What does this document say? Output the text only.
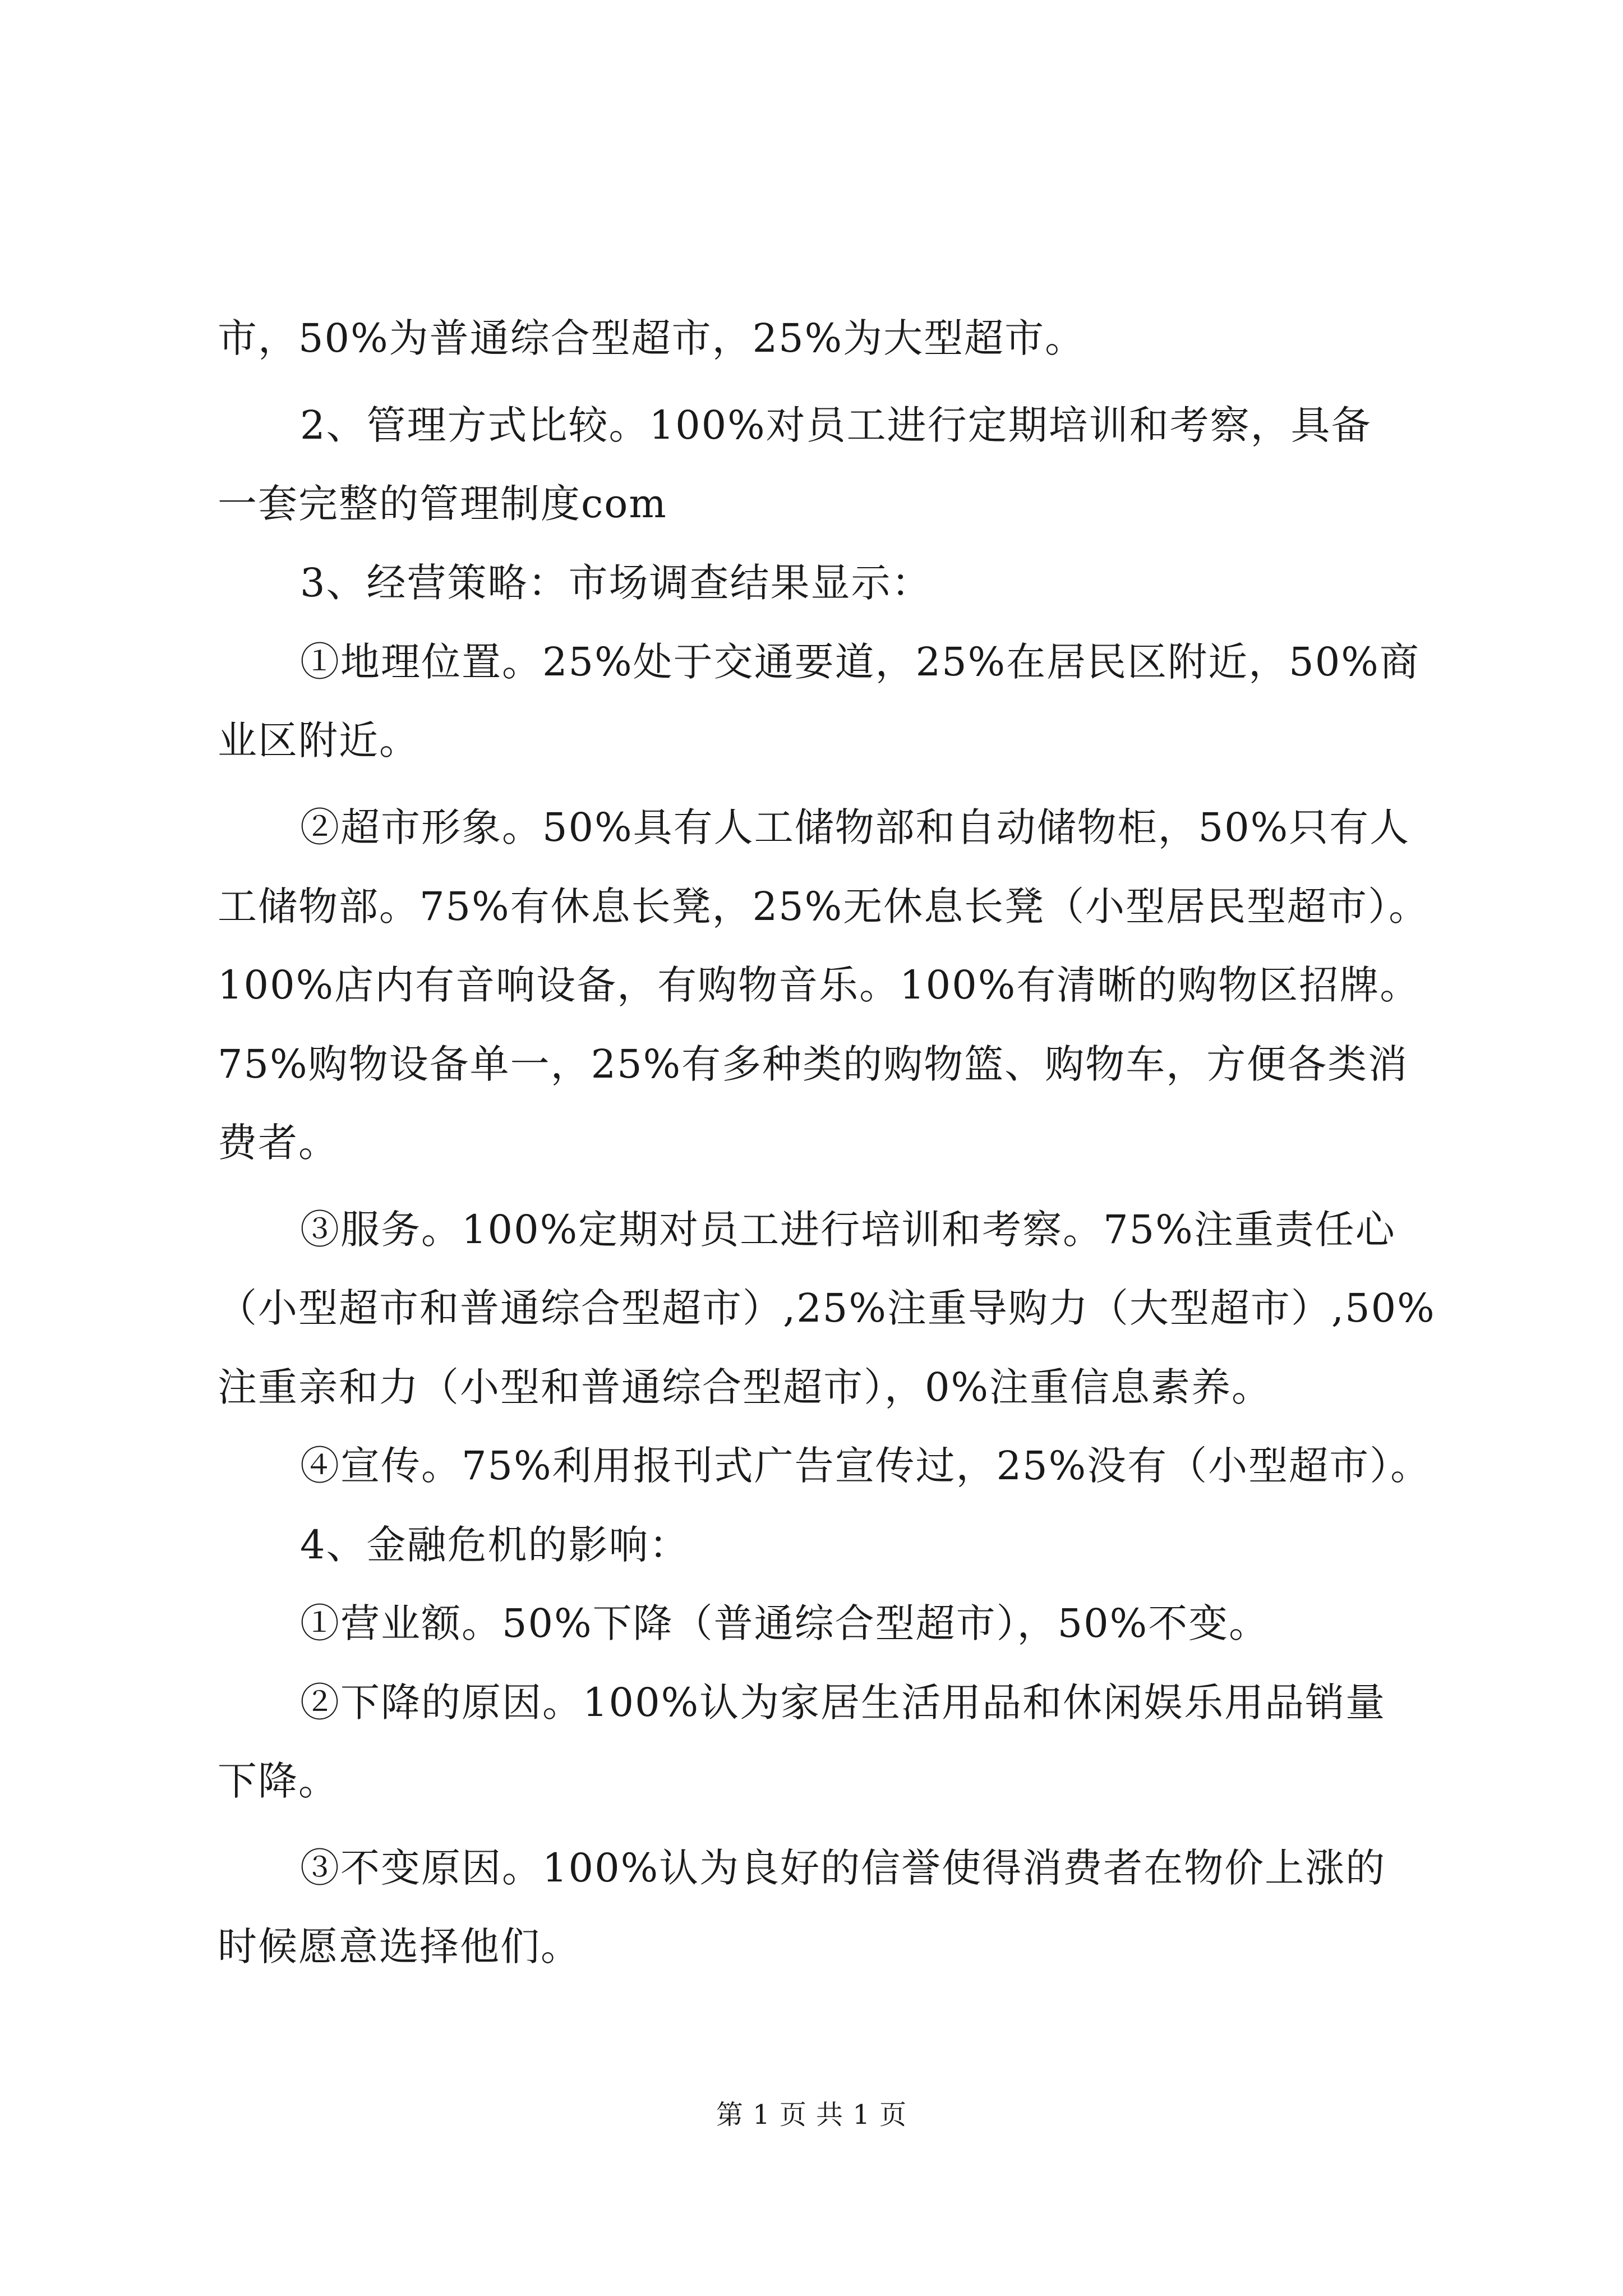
市，50%为普通综合型超市，25%为大型超市。
2、管理方式比较。100%对员工进行定期培训和考察，具备
一套完整的管理制度com
3、经营策略：市场调查结果显示：
①地理位置。25%处于交通要道，25%在居民区附近，50%商
业区附近。
②超市形象。50%具有人工储物部和自动储物柜，50%只有人
工储物部。75%有休息长凳，25%无休息长凳（小型居民型超市）。
100%店内有音响设备，有购物音乐。100%有清晰的购物区招牌。
75%购物设备单一，25%有多种类的购物篮、购物车，方便各类消
费者。
③服务。100%定期对员工进行培训和考察。75%注重责任心
（小型超市和普通综合型超市）,25%注重导购力（大型超市）,50%
注重亲和力（小型和普通综合型超市），0%注重信息素养。
④宣传。75%利用报刊式广告宣传过，25%没有（小型超市）。
4、金融危机的影响：
①营业额。50%下降（普通综合型超市），50%不变。
②下降的原因。100%认为家居生活用品和休闲娱乐用品销量
下降。
③不变原因。100%认为良好的信誉使得消费者在物价上涨的
时候愿意选择他们。
第 1 页 共 1 页
